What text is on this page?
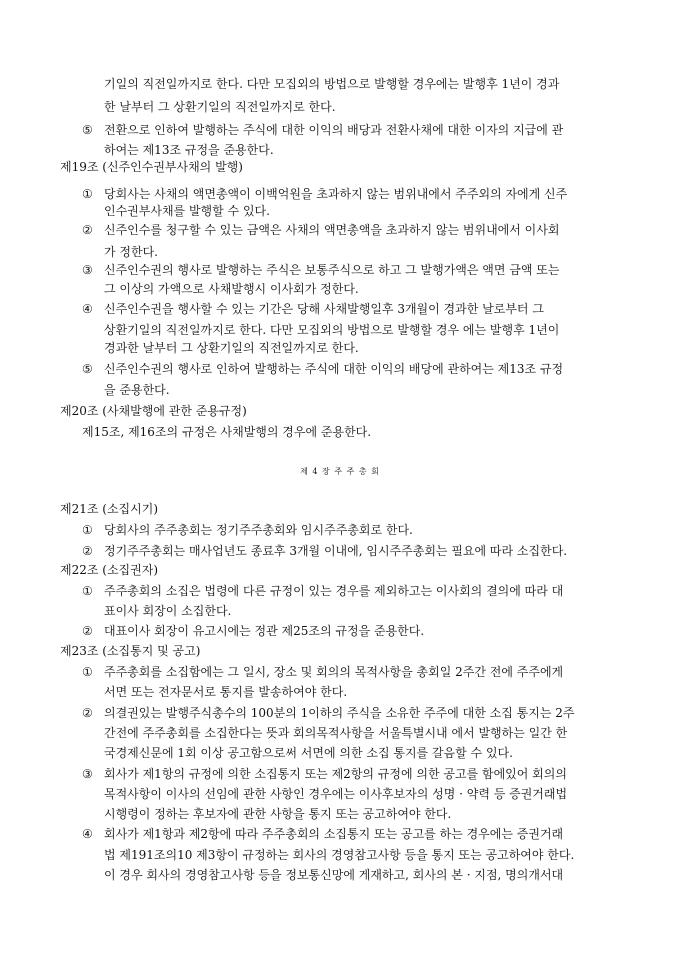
기일의 직전일까지로 한다. 다만 모집외의 방법으로 발행할 경우에는 발행후 1년이 경과
한 날부터 그 상환기일의 직전일까지로 한다.
⑤ 전환으로 인하여 발행하는 주식에 대한 이익의 배당과 전환사채에 대한 이자의 지급에 관
하여는 제13조 규정을 준용한다.
제19조 (신주인수권부사채의 발행)
① 당회사는 사채의 액면총액이 이백억원을 초과하지 않는 범위내에서 주주외의 자에게 신주
인수권부사채를 발행할 수 있다.
② 신주인수를 청구할 수 있는 금액은 사채의 액면총액을 초과하지 않는 범위내에서 이사회
가 정한다.
③ 신주인수권의 행사로 발행하는 주식은 보통주식으로 하고 그 발행가액은 액면 금액 또는
그 이상의 가액으로 사채발행시 이사회가 정한다.
④ 신주인수권을 행사할 수 있는 기간은 당해 사채발행일후 3개월이 경과한 날로부터 그
상환기일의 직전일까지로 한다. 다만 모집외의 방법으로 발행할 경우 에는 발행후 1년이
경과한 날부터 그 상환기일의 직전일까지로 한다.
⑤ 신주인수권의 행사로 인하여 발행하는 주식에 대한 이익의 배당에 관하여는 제13조 규정
을 준용한다.
제20조 (사채발행에 관한 준용규정)
제15조, 제16조의 규정은 사채발행의 경우에 준용한다.
제 4 장 주 주 총 회
제21조 (소집시기)
① 당회사의 주주총회는 정기주주총회와 임시주주총회로 한다.
② 정기주주총회는 매사업년도 종료후 3개월 이내에, 임시주주총회는 필요에 따라 소집한다.
제22조 (소집권자)
① 주주총회의 소집은 법령에 다른 규정이 있는 경우를 제외하고는 이사회의 결의에 따라 대
표이사 회장이 소집한다.
② 대표이사 회장이 유고시에는 정관 제25조의 규정을 준용한다.
제23조 (소집통지 및 공고)
① 주주총회를 소집함에는 그 일시, 장소 및 회의의 목적사항을 총회일 2주간 전에 주주에게
서면 또는 전자문서로 통지를 발송하여야 한다.
② 의결권있는 발행주식총수의 100분의 1이하의 주식을 소유한 주주에 대한 소집 통지는 2주
간전에 주주총회를 소집한다는 뜻과 회의목적사항을 서울특별시내 에서 발행하는 일간 한
국경제신문에 1회 이상 공고함으로써 서면에 의한 소집 통지를 갈음할 수 있다.
③ 회사가 제1항의 규정에 의한 소집통지 또는 제2항의 규정에 의한 공고를 함에있어 회의의
목적사항이 이사의 선임에 관한 사항인 경우에는 이사후보자의 성명 · 약력 등 증권거래법
시행령이 정하는 후보자에 관한 사항을 통지 또는 공고하여야 한다.
④ 회사가 제1항과 제2항에 따라 주주총회의 소집통지 또는 공고를 하는 경우에는 증권거래
법 제191조의10 제3항이 규정하는 회사의 경영참고사항 등을 통지 또는 공고하여야 한다.
이 경우 회사의 경영참고사항 등을 정보통신망에 게재하고, 회사의 본 · 지점, 명의개서대
